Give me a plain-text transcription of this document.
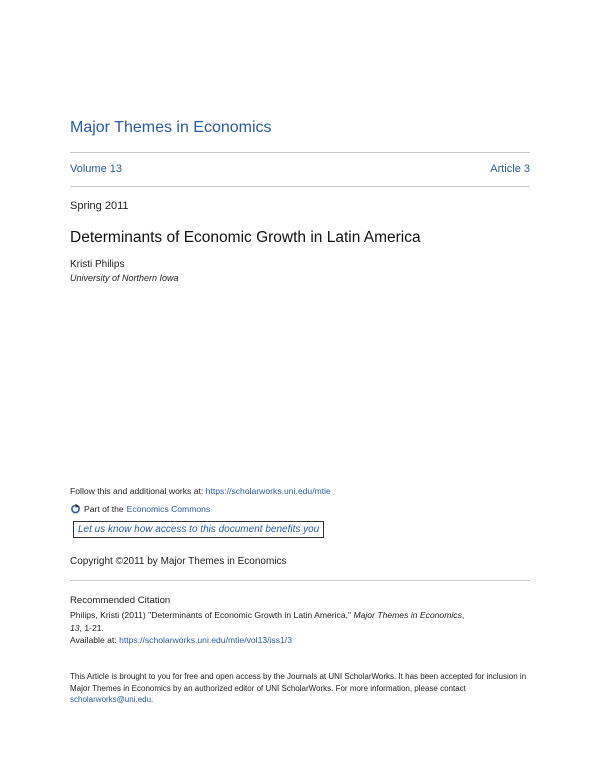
Major Themes in Economics
Volume 13	Article 3
Spring 2011
Determinants of Economic Growth in Latin America
Kristi Philips
University of Northern Iowa
Follow this and additional works at: https://scholarworks.uni.edu/mtie
Part of the Economics Commons
Let us know how access to this document benefits you
Copyright ©2011 by Major Themes in Economics
Recommended Citation
Philips, Kristi (2011) "Determinants of Economic Growth in Latin America," Major Themes in Economics,
13, 1-21.
Available at: https://scholarworks.uni.edu/mtie/vol13/iss1/3
This Article is brought to you for free and open access by the Journals at UNI ScholarWorks. It has been accepted for inclusion in Major Themes in Economics by an authorized editor of UNI ScholarWorks. For more information, please contact scholarworks@uni.edu.
